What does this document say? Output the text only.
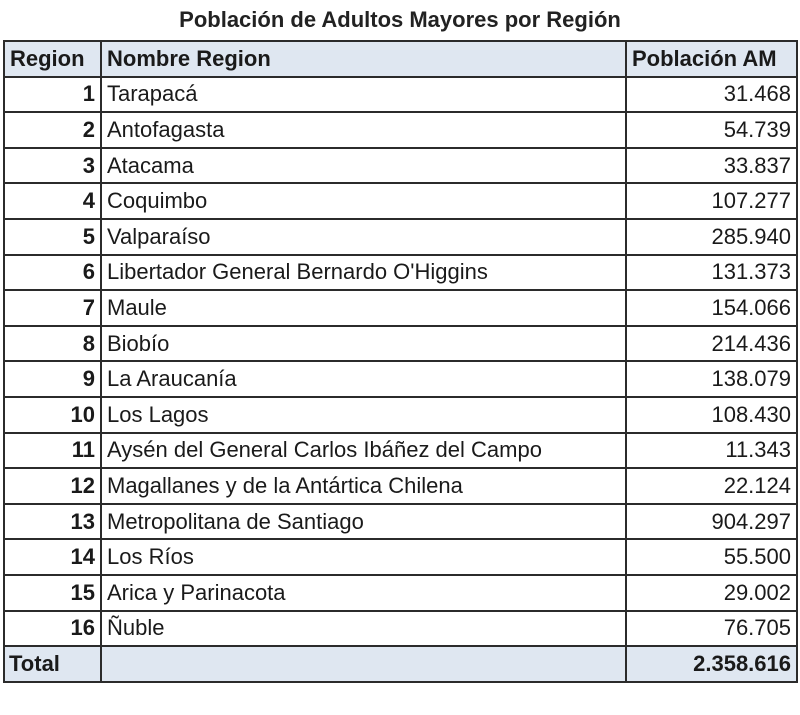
Población de Adultos Mayores por Región
Region	Nombre Region	Población AM
1	Tarapacá	31.468
2	Antofagasta	54.739
3	Atacama	33.837
4	Coquimbo	107.277
5	Valparaíso	285.940
6	Libertador General Bernardo O'Higgins	131.373
7	Maule	154.066
8	Biobío	214.436
9	La Araucanía	138.079
10	Los Lagos	108.430
11	Aysén del General Carlos Ibáñez del Campo	11.343
12	Magallanes y de la Antártica Chilena	22.124
13	Metropolitana de Santiago	904.297
14	Los Ríos	55.500
15	Arica y Parinacota	29.002
16	Ñuble	76.705
Total		2.358.616
